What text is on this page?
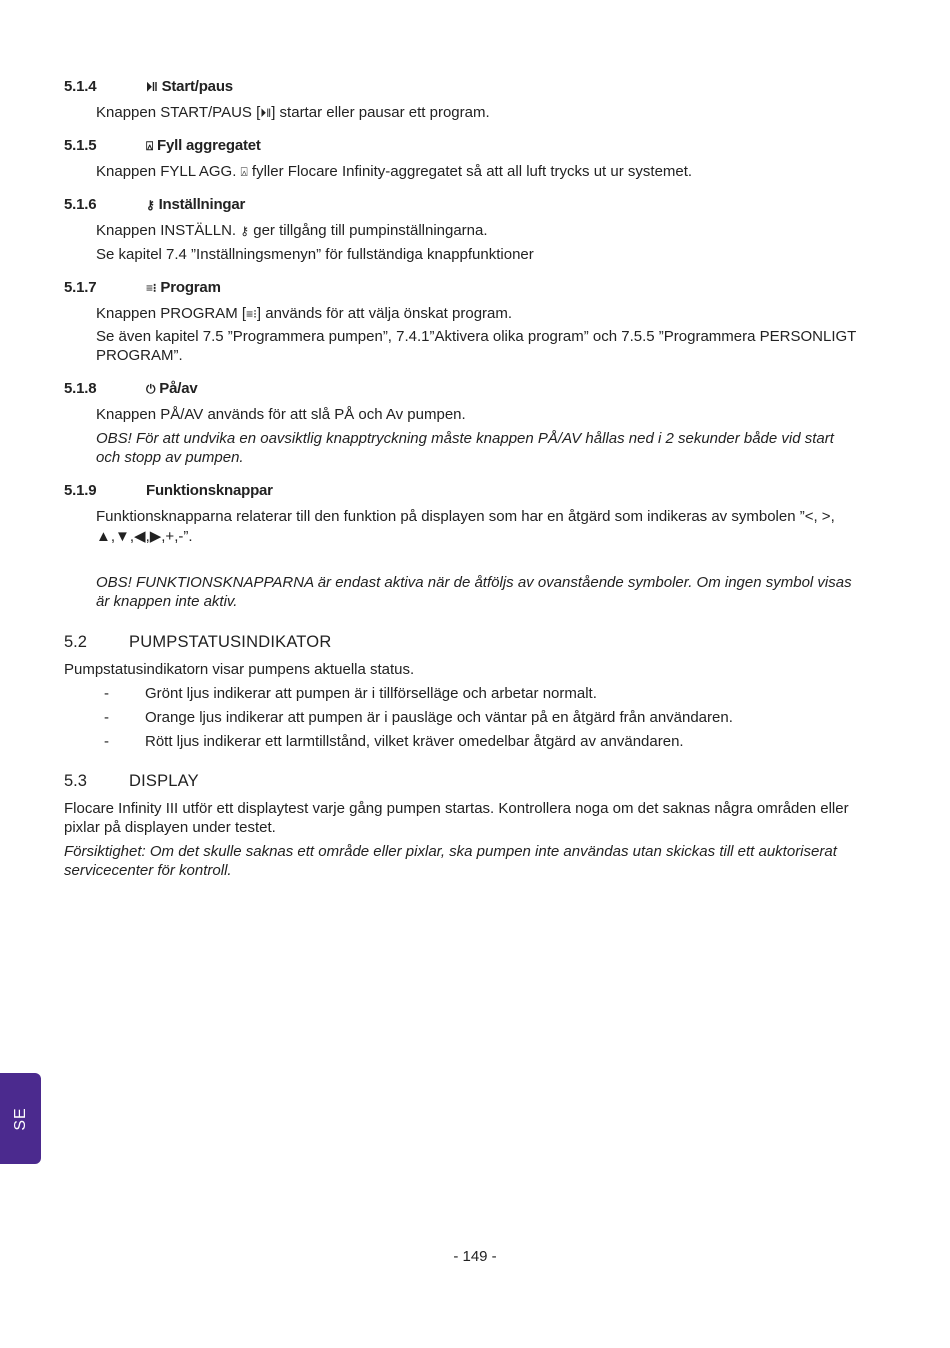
5.1.4	⏵‖ Start/paus
Knappen START/PAUS [⏵‖] startar eller pausar ett program.
5.1.5	⍓ Fyll aggregatet
Knappen FYLL AGG. ⍓ fyller Flocare Infinity-aggregatet så att all luft trycks ut ur systemet.
5.1.6	⚷ Inställningar
Knappen INSTÄLLN. ⚷ ger tillgång till pumpinställningarna.
Se kapitel 7.4 ”Inställningsmenyn” för fullständiga knappfunktioner
5.1.7	≡⁝ Program
Knappen PROGRAM [≡⁝] används för att välja önskat program.
Se även kapitel 7.5 ”Programmera pumpen”, 7.4.1”Aktivera olika program” och 7.5.5 ”Programmera PERSONLIGT
PROGRAM”.
5.1.8	⏻ På/av
Knappen PÅ/AV används för att slå PÅ och Av pumpen.
OBS! För att undvika en oavsiktlig knapptryckning måste knappen PÅ/AV hållas ned i 2 sekunder både vid start
och stopp av pumpen.
5.1.9	Funktionsknappar
Funktionsknapparna relaterar till den funktion på displayen som har en åtgärd som indikeras av symbolen ”<, >,
▲,▼,◀,▶,+,-”.
OBS! FUNKTIONSKNAPPARNA är endast aktiva när de åtföljs av ovanstående symboler. Om ingen symbol visas
är knappen inte aktiv.
5.2	PUMPSTATUSINDIKATOR
Pumpstatusindikatorn visar pumpens aktuella status.
- Grönt ljus indikerar att pumpen är i tillförselläge och arbetar normalt.
- Orange ljus indikerar att pumpen är i pausläge och väntar på en åtgärd från användaren.
- Rött ljus indikerar ett larmtillstånd, vilket kräver omedelbar åtgärd av användaren.
5.3	DISPLAY
Flocare Infinity III utför ett displaytest varje gång pumpen startas. Kontrollera noga om det saknas några områden eller
pixlar på displayen under testet.
Försiktighet: Om det skulle saknas ett område eller pixlar, ska pumpen inte användas utan skickas till ett auktoriserat
servicecenter för kontroll.
SE
- 149 -
